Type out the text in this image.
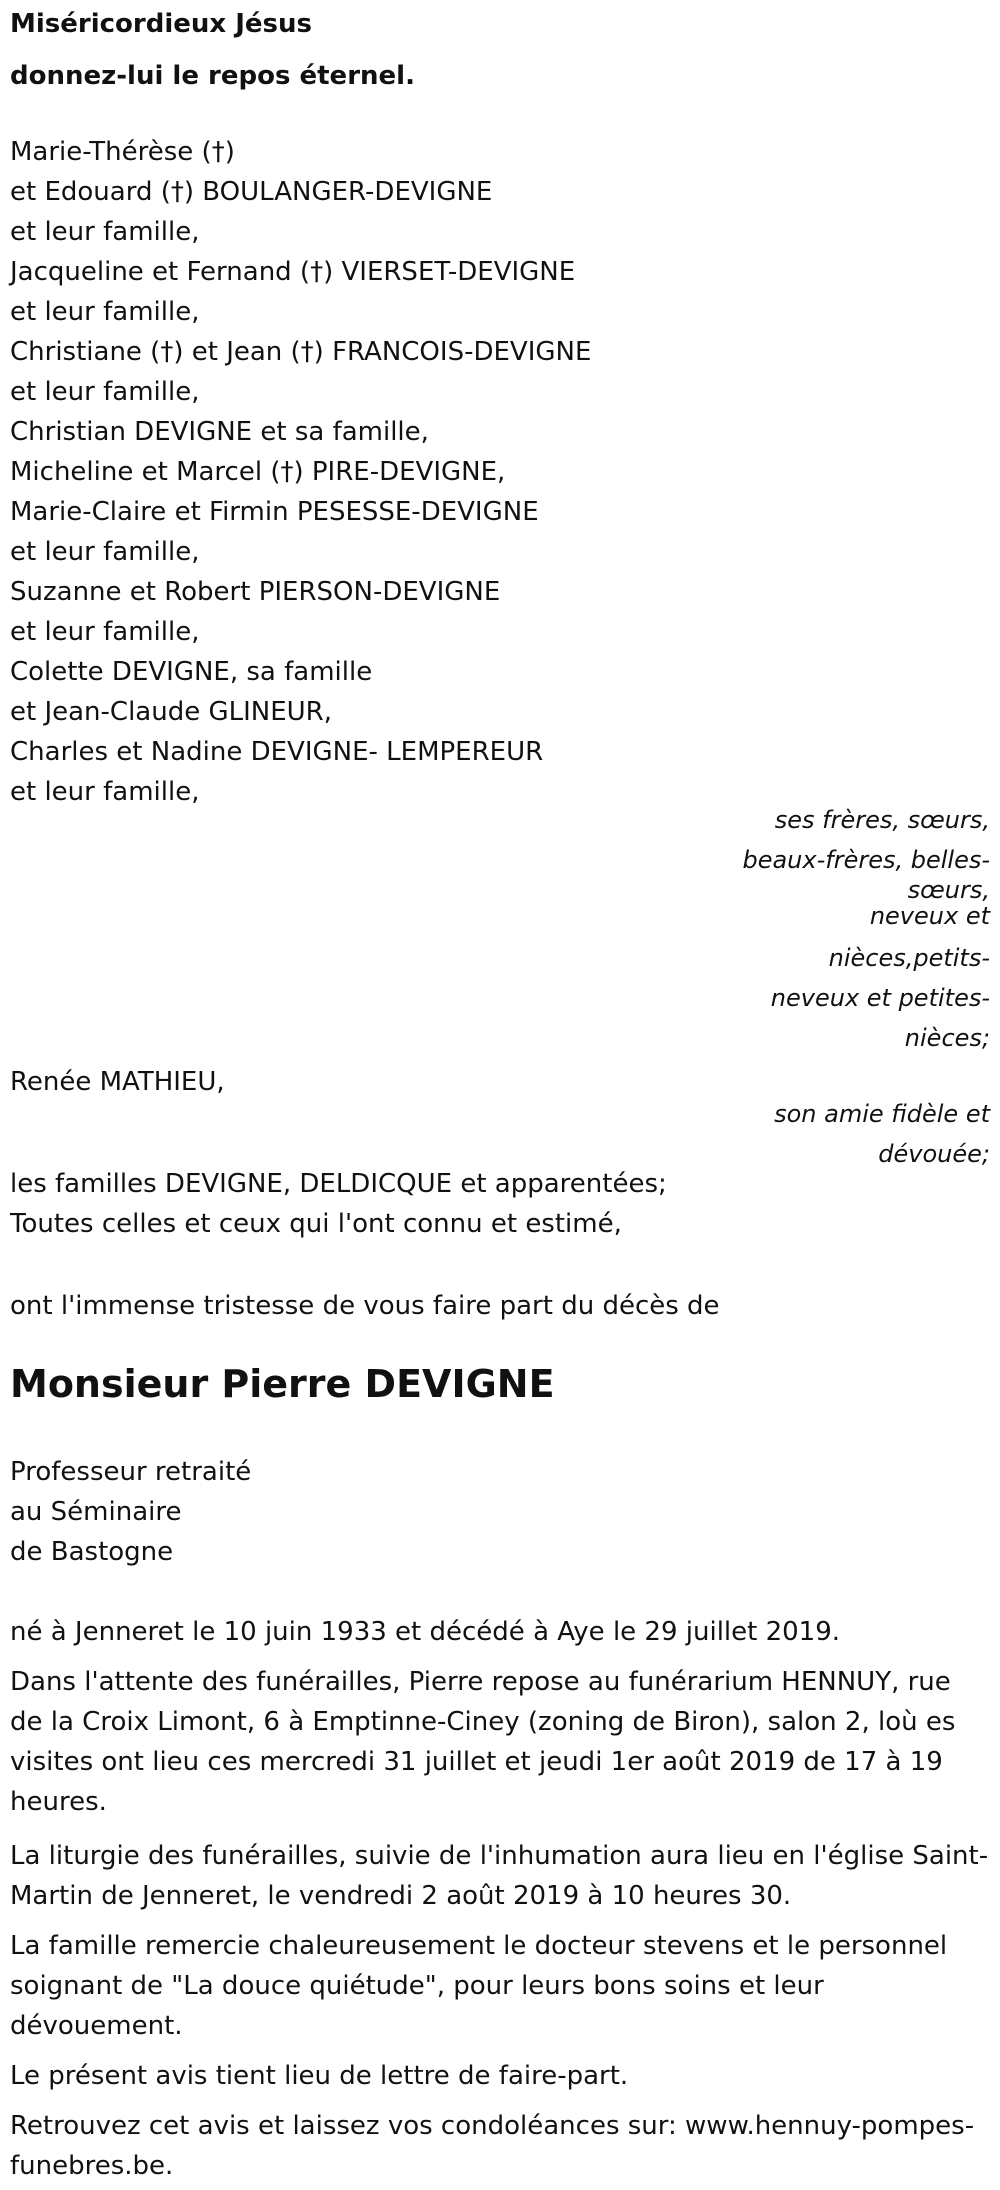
Miséricordieux Jésus
donnez-lui le repos éternel.
Marie-Thérèse (†)
et Edouard (†) BOULANGER-DEVIGNE
et leur famille,
Jacqueline et Fernand (†) VIERSET-DEVIGNE
et leur famille,
Christiane (†) et Jean (†) FRANCOIS-DEVIGNE
et leur famille,
Christian DEVIGNE et sa famille,
Micheline et Marcel (†) PIRE-DEVIGNE,
Marie-Claire et Firmin PESESSE-DEVIGNE
et leur famille,
Suzanne et Robert PIERSON-DEVIGNE
et leur famille,
Colette DEVIGNE, sa famille
et Jean-Claude GLINEUR,
Charles et Nadine DEVIGNE- LEMPEREUR
et leur famille,
ses frères, sœurs,
beaux-frères, belles-
sœurs,
neveux et
nièces,petits-
neveux et petites-
nièces;
Renée MATHIEU,
son amie fidèle et
dévouée;
les familles DEVIGNE, DELDICQUE et apparentées;
Toutes celles et ceux qui l'ont connu et estimé,
ont l'immense tristesse de vous faire part du décès de
Monsieur Pierre DEVIGNE
Professeur retraité
au Séminaire
de Bastogne
né à Jenneret le 10 juin 1933 et décédé à Aye le 29 juillet 2019.
Dans l'attente des funérailles, Pierre repose au funérarium HENNUY, rue de la Croix Limont, 6 à Emptinne-Ciney (zoning de Biron), salon 2, loù es visites ont lieu ces mercredi 31 juillet et jeudi 1er août 2019 de 17 à 19 heures.
La liturgie des funérailles, suivie de l'inhumation aura lieu en l'église Saint-Martin de Jenneret, le vendredi 2 août 2019 à 10 heures 30.
La famille remercie chaleureusement le docteur stevens et le personnel soignant de "La douce quiétude", pour leurs bons soins et leur dévouement.
Le présent avis tient lieu de lettre de faire-part.
Retrouvez cet avis et laissez vos condoléances sur: www.hennuy-pompes-funebres.be.
